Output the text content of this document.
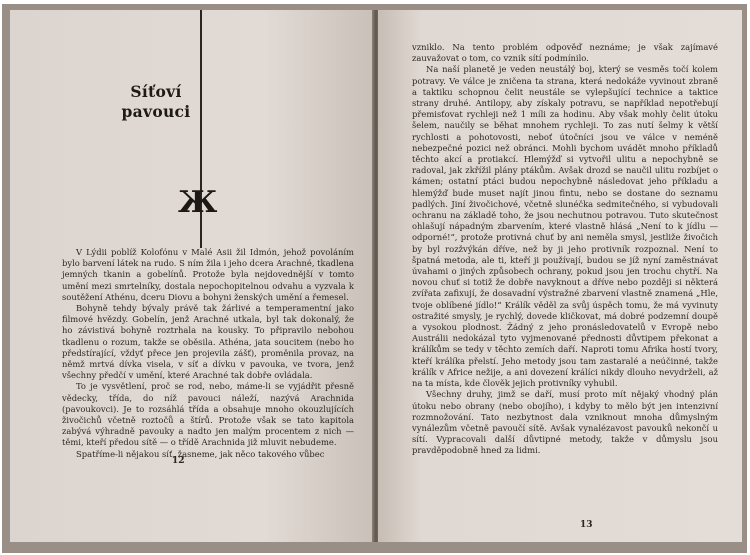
Síťoví
pavouci
Ж

V Lýdii poblíž Kolofónu v Malé Asii žil Idmón, jehož povoláním bylo barvení látek na rudo. S ním žila i jeho dcera Arachné, tkadlena jemných tkanin a gobelínů. Protože byla nejdovednější v tomto umění mezi smrtelníky, dostala nepochopitelnou odvahu a vyzvala k soutěžení Athénu, dceru Diovu a bohyni ženských umění a řemesel.

Bohyně tehdy bývaly právě tak žárlivé a temperamentní jako filmové hvězdy. Gobelín, jenž Arachné utkala, byl tak dokonalý, že ho závistivá bohyně roztrhala na kousky. To připravilo nebohou tkadlenu o rozum, takže se oběsila. Athéna, jata soucitem (nebo ho předstírající, vždyť přece jen projevila zášť), proměnila provaz, na němž mrtvá dívka visela, v síť a dívku v pavouka, ve tvora, jenž všechny předčí v umění, které Arachné tak dobře ovládala.

To je vysvětlení, proč se rod, nebo, máme-li se vyjádřit přesně vědecky, třída, do níž pavouci náleží, nazývá Arachnida (pavoukovci). Je to rozsáhlá třída a obsahuje mnoho okouzlujících živočichů včetně roztočů a štírů. Protože však se tato kapitola zabývá výhradně pavouky a nadto jen malým procentem z nich — těmi, kteří předou sítě — o třídě Arachnida již mluvit nebudeme.

Spatříme-li nějakou síť, žasneme, jak něco takového vůbec

12

vzniklo. Na tento problém odpověď neznáme; je však zajímavé zauvažovat o tom, co vznik sítí podmínilo.

Na naší planetě je veden neustálý boj, který se vesměs točí kolem potravy. Ve válce je zničena ta strana, která nedokáže vyvinout zbraně a taktiku schopnou čelit neustále se vylepšující technice a taktice strany druhé. Antilopy, aby získaly potravu, se například nepotřebují přemisťovat rychleji než 1 míli za hodinu. Aby však mohly čelit útoku šelem, naučily se běhat mnohem rychleji. To zas nutí šelmy k větší rychlosti a pohotovosti, neboť útočníci jsou ve válce v neméně nebezpečné pozici než obránci. Mohli bychom uvádět mnoho příkladů těchto akcí a protiakcí. Hlemýžď si vytvořil ulitu a nepochybně se radoval, jak zkřížil plány ptákům. Avšak drozd se naučil ulitu rozbíjet o kámen; ostatní ptáci budou nepochybně následovat jeho příkladu a hlemýžď bude muset najít jinou fintu, nebo se dostane do seznamu padlých. Jiní živočichové, včetně slunéčka sedmitečného, si vybudovali ochranu na základě toho, že jsou nechutnou potravou. Tuto skutečnost ohlašují nápadným zbarvením, které vlastně hlásá „Není to k jídlu — odporné!“, protože protivná chuť by ani neměla smysl, jestliže živočich by byl rozžvýkán dříve, než by ji jeho protivník rozpoznal. Není to špatná metoda, ale ti, kteří ji používají, budou se jíž nyní zaměstnávat úvahami o jiných způsobech ochrany, pokud jsou jen trochu chytří. Na novou chuť si totiž že dobře navyknout a dříve nebo později si některá zvířata zafixují, že dosavadní výstražné zbarvení vlastně znamená „Hle, tvoje oblíbené jídlo!“ Králík věděl za svůj úspěch tomu, že má vyvinuty ostražité smysly, je rychlý, dovede kličkovat, má dobré podzemní doupě a vysokou plodnost. Žádný z jeho pronásledovatelů v Evropě nebo Austrálii nedokázal tyto vyjmenované přednosti důvtipem překonat a králíkům se tedy v těchto zemích daří. Naproti tomu Afrika hostí tvory, kteří králíka přelstí. Jeho metody jsou tam zastaralé a neúčinné, takže králík v Africe nežije, a ani dovezení králíci nikdy dlouho nevydrželi, až na ta místa, kde člověk jejich protivníky vyhubil.

Všechny druhy, jimž se daří, musí proto mít nějaký vhodný plán útoku nebo obrany (nebo obojího), i kdyby to mělo být jen intenzivní rozmnožování. Tato nezbytnost dala vzniknout mnoha důmyslným vynálezům včetně pavoučí sítě. Avšak vynalézavost pavouků nekončí u sítí. Vypracovali další důvtipné metody, takže v důmyslu jsou pravděpodobně hned za lidmi.

13
